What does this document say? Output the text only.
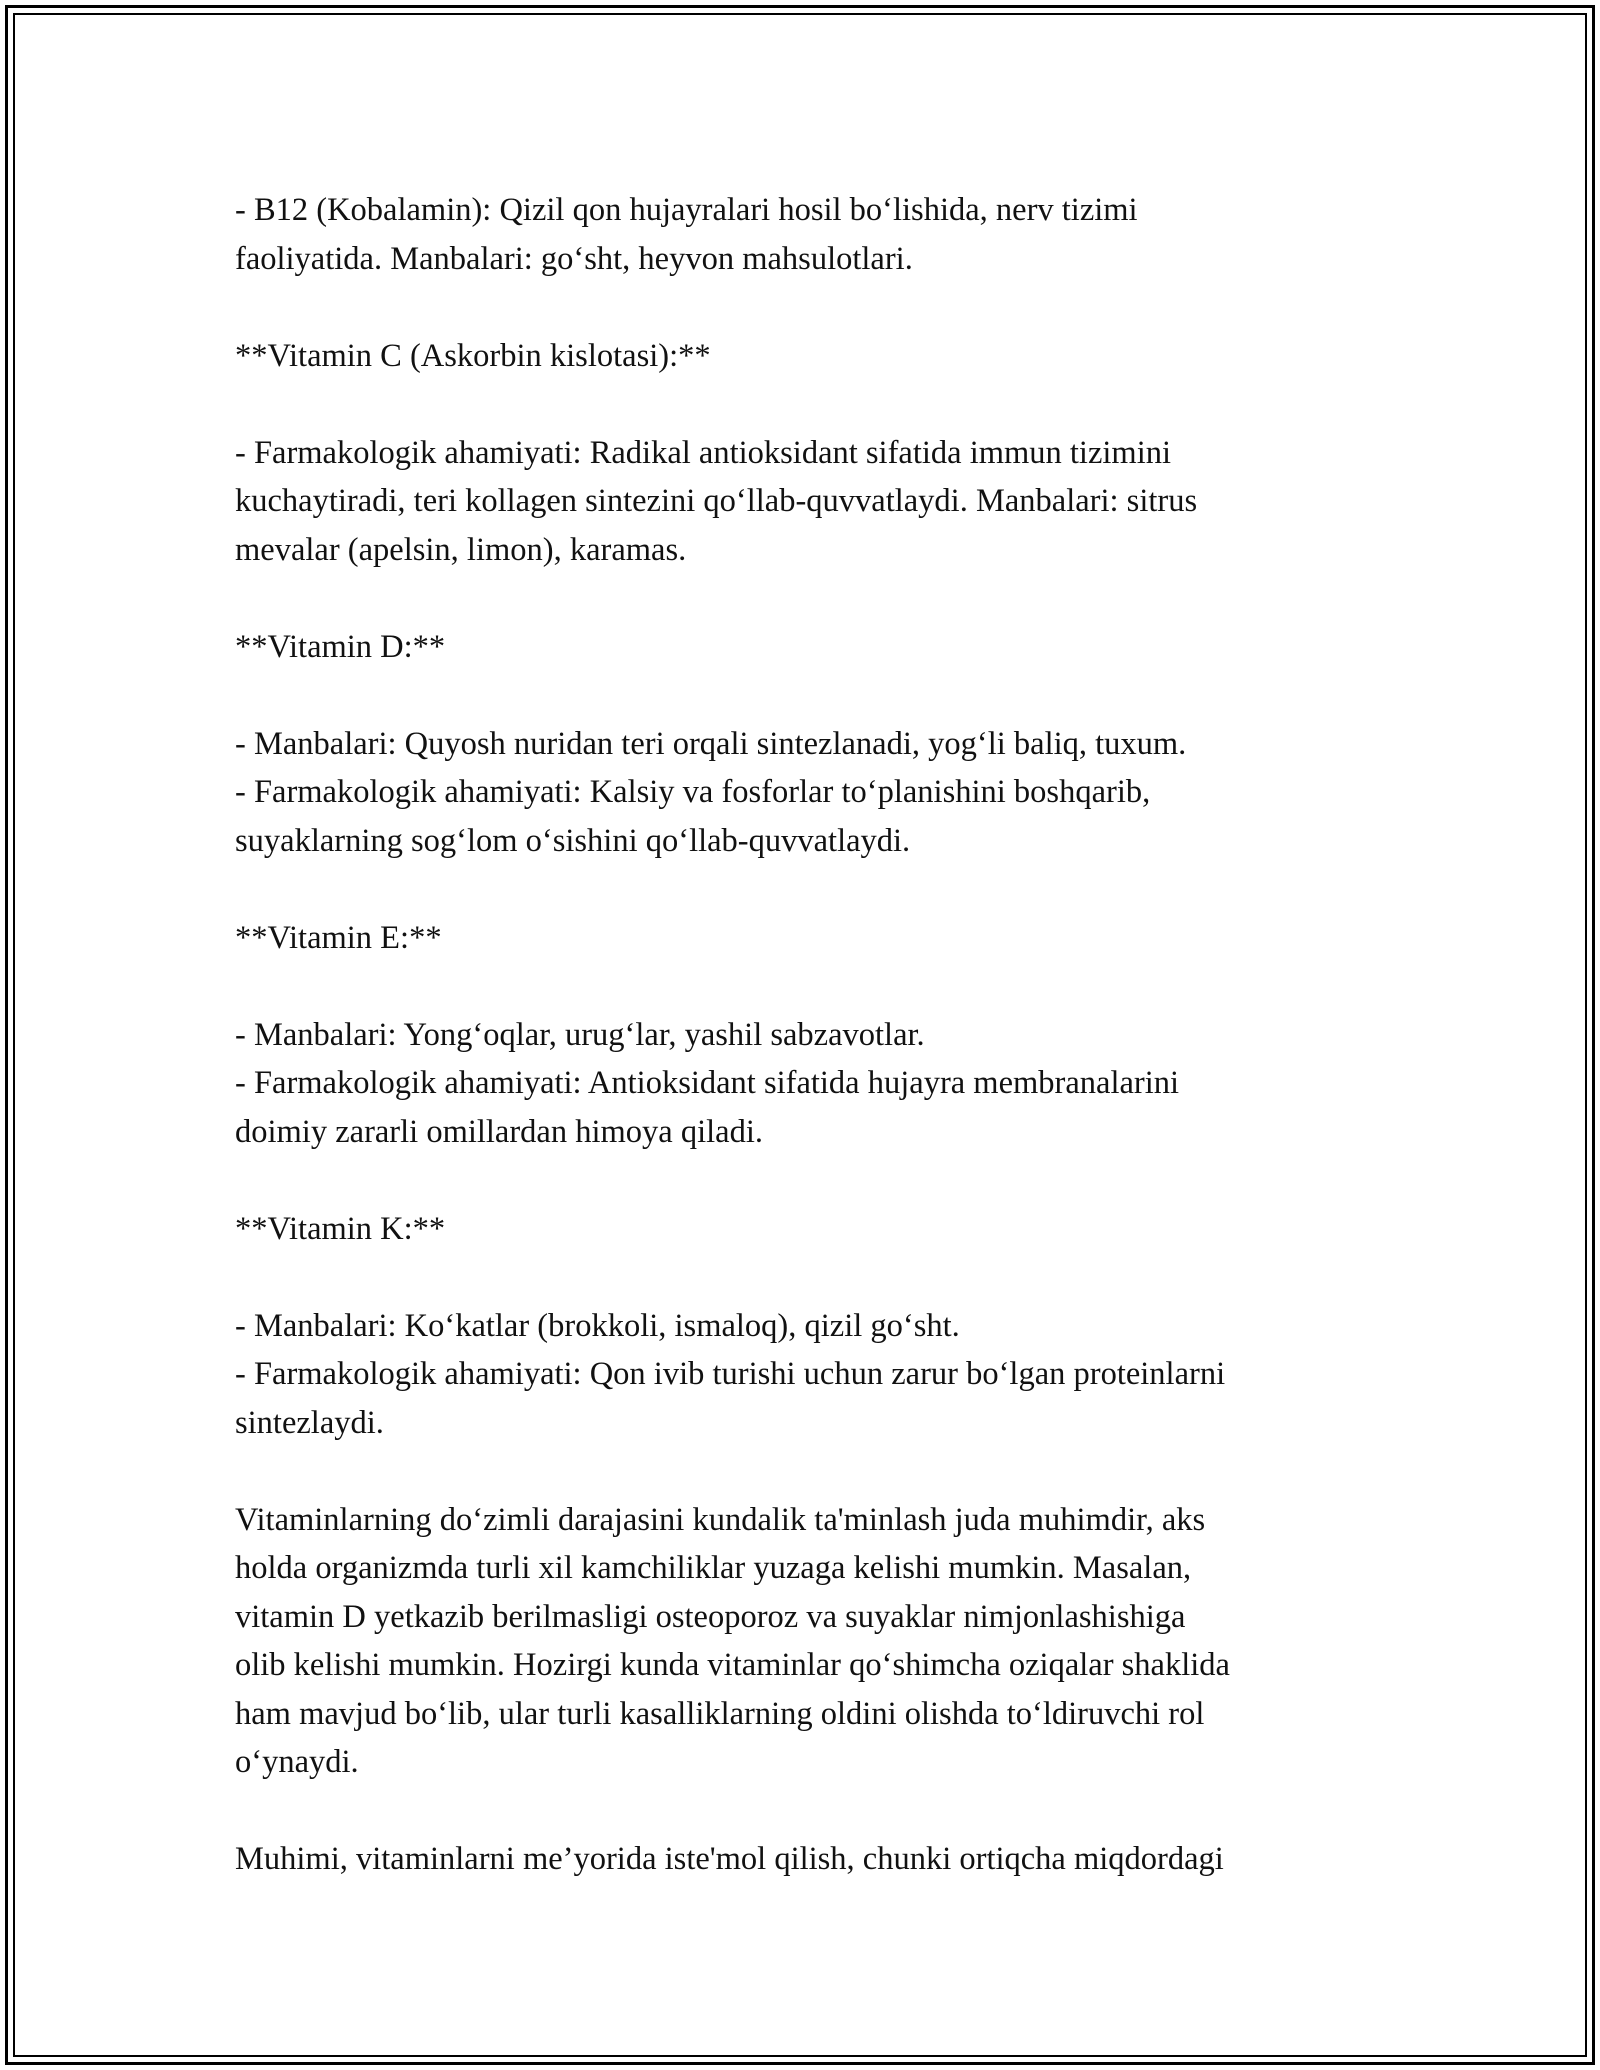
- B12 (Kobalamin): Qizil qon hujayralari hosil bo‘lishida, nerv tizimi
faoliyatida. Manbalari: go‘sht, heyvon mahsulotlari.

**Vitamin C (Askorbin kislotasi):**

- Farmakologik ahamiyati: Radikal antioksidant sifatida immun tizimini
kuchaytiradi, teri kollagen sintezini qo‘llab-quvvatlaydi. Manbalari: sitrus
mevalar (apelsin, limon), karamas.

**Vitamin D:**

- Manbalari: Quyosh nuridan teri orqali sintezlanadi, yog‘li baliq, tuxum.
- Farmakologik ahamiyati: Kalsiy va fosforlar to‘planishini boshqarib,
suyaklarning sog‘lom o‘sishini qo‘llab-quvvatlaydi.

**Vitamin E:**

- Manbalari: Yong‘oqlar, urug‘lar, yashil sabzavotlar.
- Farmakologik ahamiyati: Antioksidant sifatida hujayra membranalarini
doimiy zararli omillardan himoya qiladi.

**Vitamin K:**

- Manbalari: Ko‘katlar (brokkoli, ismaloq), qizil go‘sht.
- Farmakologik ahamiyati: Qon ivib turishi uchun zarur bo‘lgan proteinlarni
sintezlaydi.

Vitaminlarning do‘zimli darajasini kundalik ta'minlash juda muhimdir, aks
holda organizmda turli xil kamchiliklar yuzaga kelishi mumkin. Masalan,
vitamin D yetkazib berilmasligi osteoporoz va suyaklar nimjonlashishiga
olib kelishi mumkin. Hozirgi kunda vitaminlar qo‘shimcha oziqalar shaklida
ham mavjud bo‘lib, ular turli kasalliklarning oldini olishda to‘ldiruvchi rol
o‘ynaydi.

Muhimi, vitaminlarni me’yorida iste'mol qilish, chunki ortiqcha miqdordagi
